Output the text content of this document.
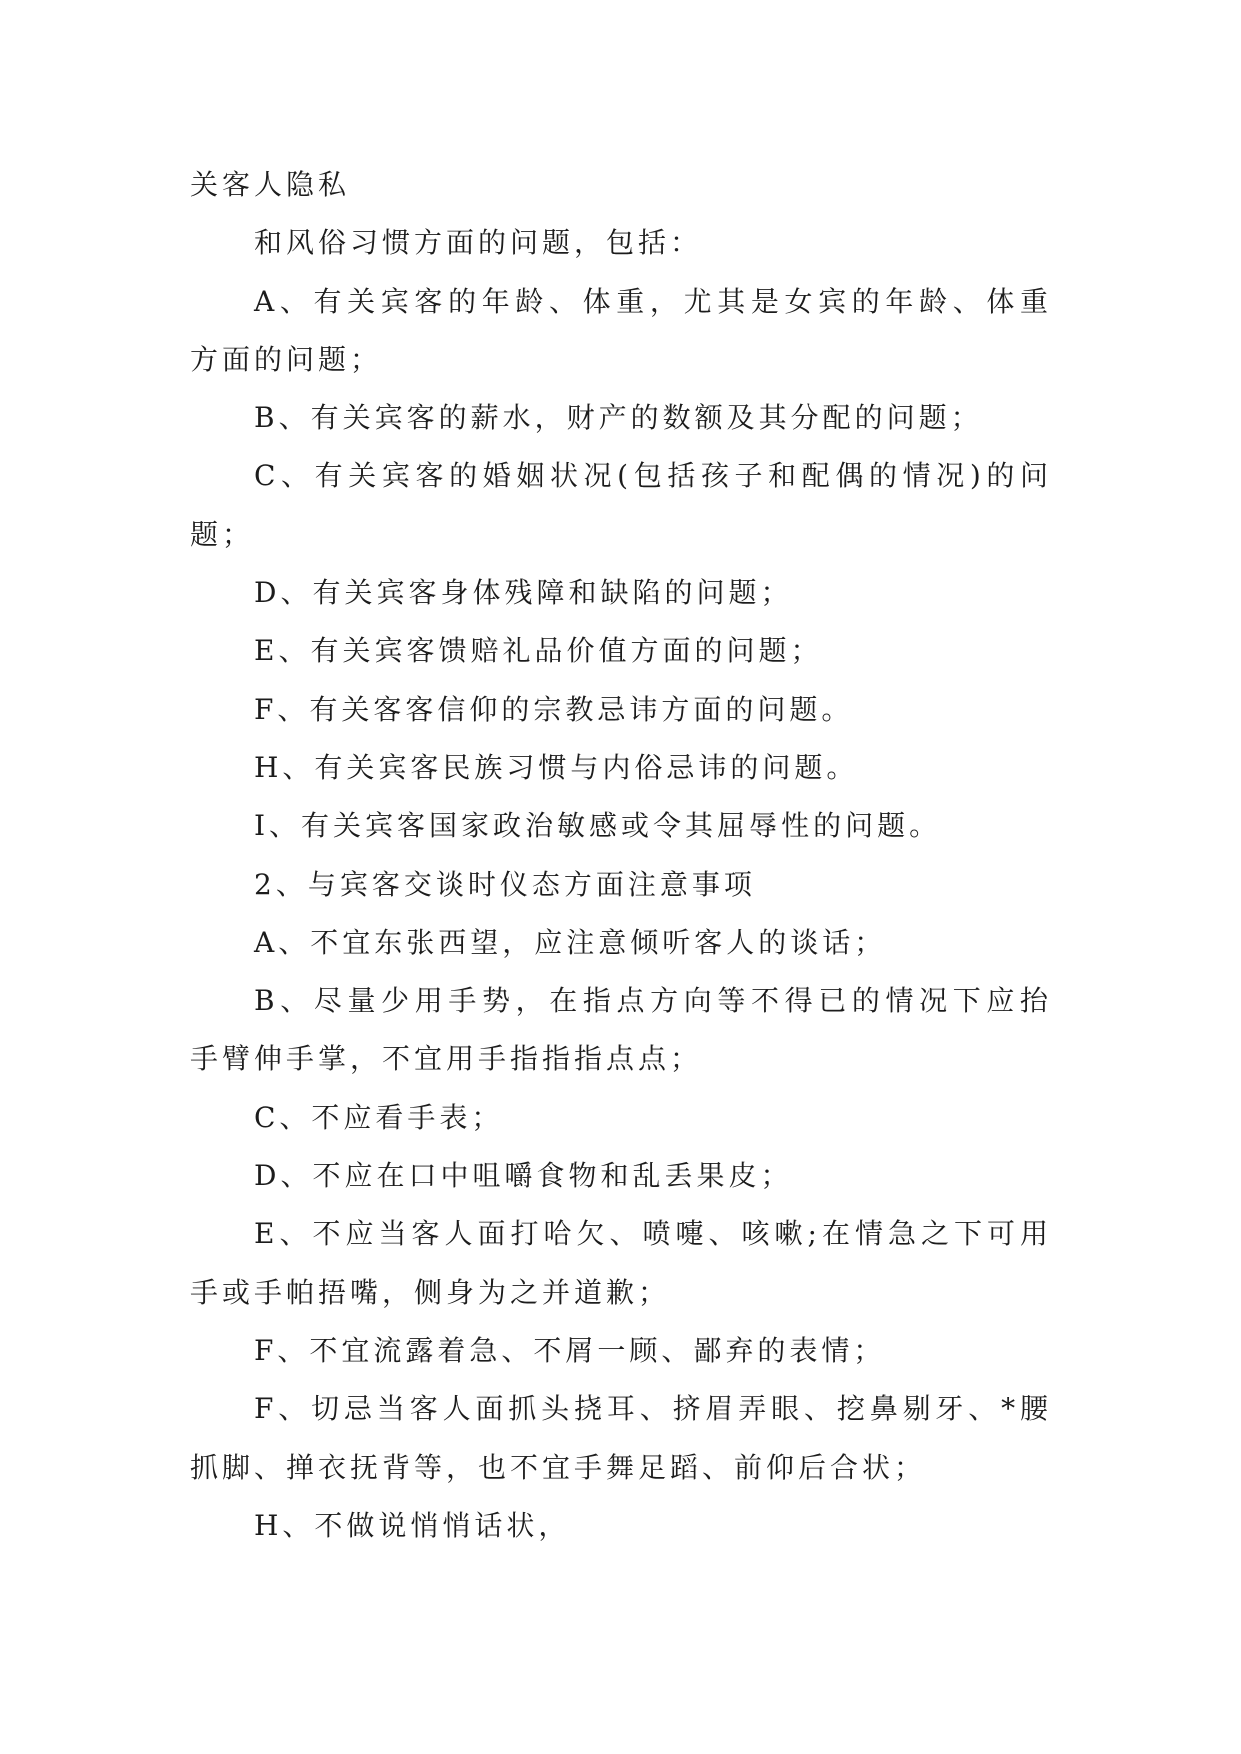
关客人隐私
和风俗习惯方面的问题，包括：
A、有关宾客的年龄、体重，尤其是女宾的年龄、体重
方面的问题；
B、有关宾客的薪水，财产的数额及其分配的问题；
C、有关宾客的婚姻状况(包括孩子和配偶的情况)的问
题；
D、有关宾客身体残障和缺陷的问题；
E、有关宾客馈赔礼品价值方面的问题；
F、有关客客信仰的宗教忌讳方面的问题。
H、有关宾客民族习惯与内俗忌讳的问题。
I、有关宾客国家政治敏感或令其屈辱性的问题。
2、与宾客交谈时仪态方面注意事项
A、不宜东张西望，应注意倾听客人的谈话；
B、尽量少用手势，在指点方向等不得已的情况下应抬
手臂伸手掌，不宜用手指指指点点；
C、不应看手表；
D、不应在口中咀嚼食物和乱丢果皮；
E、不应当客人面打哈欠、喷嚏、咳嗽;在情急之下可用
手或手帕捂嘴，侧身为之并道歉；
F、不宜流露着急、不屑一顾、鄙弃的表情；
F、切忌当客人面抓头挠耳、挤眉弄眼、挖鼻剔牙、*腰
抓脚、掸衣抚背等，也不宜手舞足蹈、前仰后合状；
H、不做说悄悄话状，
